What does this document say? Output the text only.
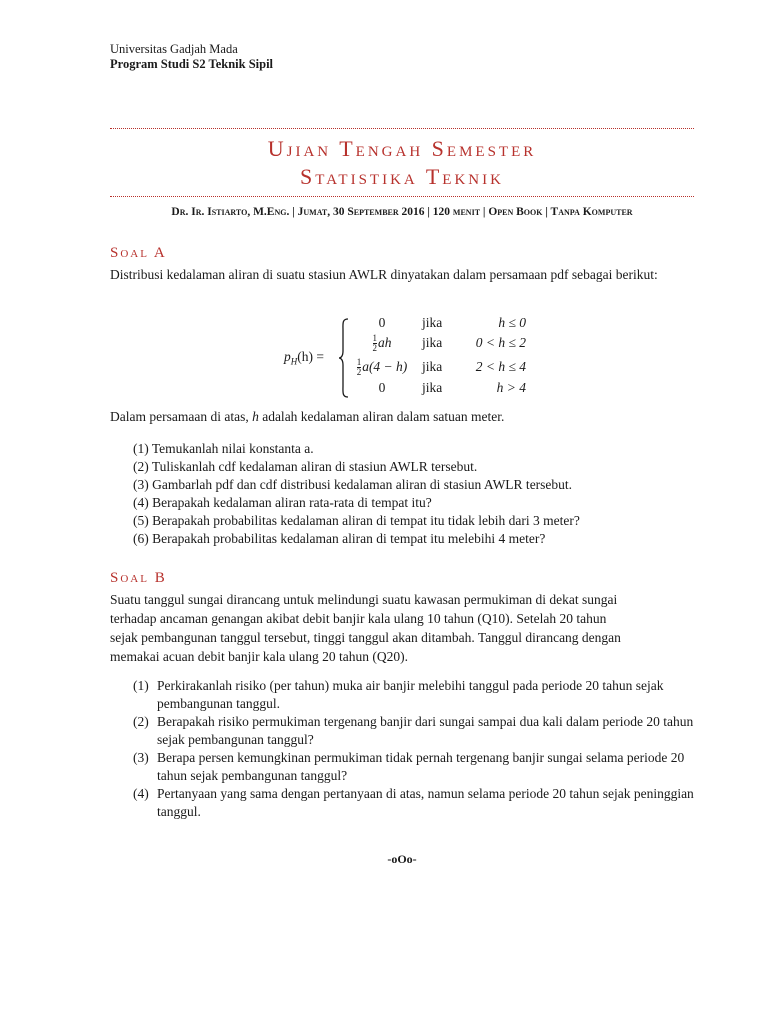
Universitas Gadjah Mada
Program Studi S2 Teknik Sipil
Ujian Tengah Semester
Statistika Teknik
Dr. Ir. Istiarto, M.Eng. | Jumat, 30 September 2016 | 120 menit | Open Book | Tanpa Komputer
Soal A
Distribusi kedalaman aliran di suatu stasiun AWLR dinyatakan dalam persamaan pdf sebagai berikut:
$p_H(h)$ =
0	jika	h ≤ 0
$\frac{1}{2}$ ah	jika	0 < h ≤ 2
$\frac{1}{2} a(4 - h)$	jika	2 < h ≤ 4
0	jika	h > 4
Dalam persamaan di atas, h adalah kedalaman aliran dalam satuan meter.
(1) Temukanlah nilai konstanta a.
(2) Tuliskanlah cdf kedalaman aliran di stasiun AWLR tersebut.
(3) Gambarlah pdf dan cdf distribusi kedalaman aliran di stasiun AWLR tersebut.
(4) Berapakah kedalaman aliran rata-rata di tempat itu?
(5) Berapakah probabilitas kedalaman aliran di tempat itu tidak lebih dari 3 meter?
(6) Berapakah probabilitas kedalaman aliran di tempat itu melebihi 4 meter?
Soal B
Suatu tanggul sungai dirancang untuk melindungi suatu kawasan permukiman di dekat sungai
terhadap ancaman genangan akibat debit banjir kala ulang 10 tahun (Q10). Setelah 20 tahun
sejak pembangunan tanggul tersebut, tinggi tanggul akan ditambah. Tanggul dirancang dengan
memakai acuan debit banjir kala ulang 20 tahun (Q20).
(1) Perkirakanlah risiko (per tahun) muka air banjir melebihi tanggul pada periode 20 tahun sejak pembangunan tanggul.
(2) Berapakah risiko permukiman tergenang banjir dari sungai sampai dua kali dalam periode 20 tahun sejak pembangunan tanggul?
(3) Berapa persen kemungkinan permukiman tidak pernah tergenang banjir sungai selama periode 20 tahun sejak pembangunan tanggul?
(4) Pertanyaan yang sama dengan pertanyaan di atas, namun selama periode 20 tahun sejak peninggian tanggul.
-oOo-
